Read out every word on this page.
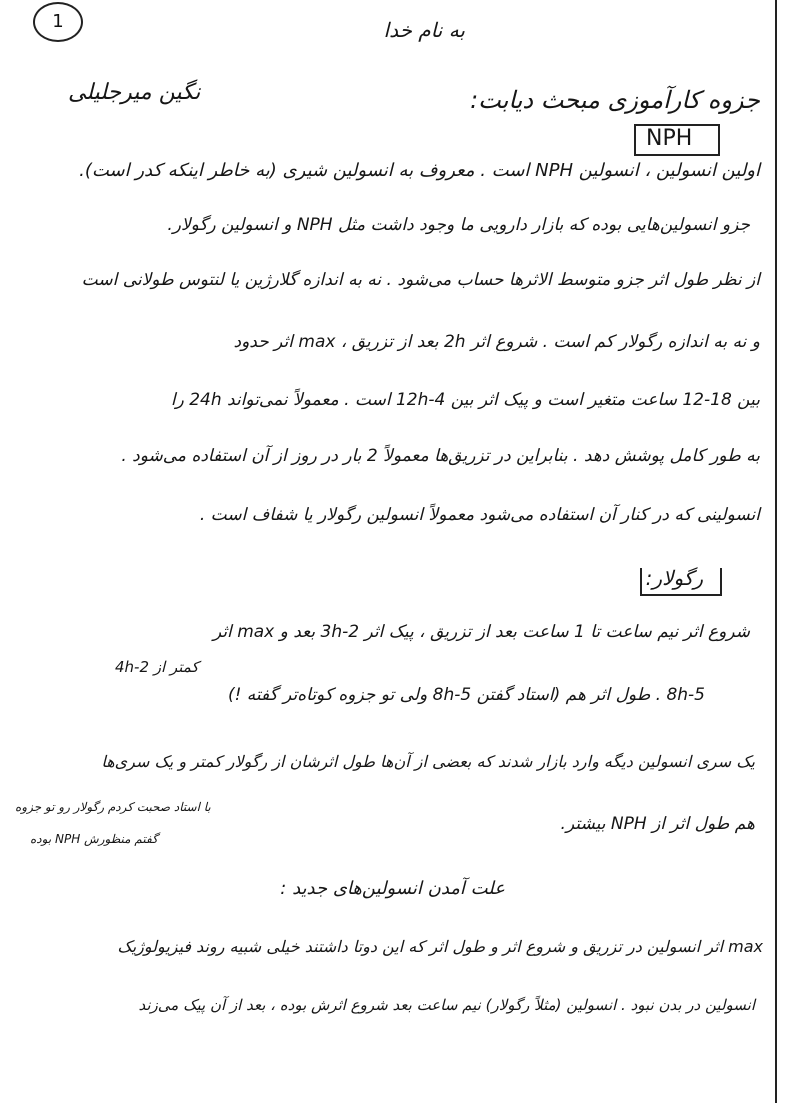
1	به نام خدا
نگین میرجلیلی	جزوه کارآموزی مبحث دیابت:
NPH
اولین انسولین ، انسولین NPH است . معروف به انسولین شیری (به خاطر اینکه کدر است).
جزو انسولین‌هایی بوده که بازار دارویی ما وجود داشت مثل NPH و انسولین رگولار.
از نظر طول اثر جزو متوسط الاثرها حساب می‌شود . نه به اندازه گلارژین یا لنتوس طولانی است
و نه به اندازه رگولار کم است . شروع اثر 2h بعد از تزریق ، max اثر حدود
بین 18-12 ساعت متغیر است و پیک اثر بین 12h-4 است . معمولاً نمی‌تواند 24h را
به طور کامل پوشش دهد . بنابراین در تزریق‌ها معمولاً 2 بار در روز از آن استفاده می‌شود .
انسولینی که در کنار آن استفاده می‌شود معمولاً انسولین رگولار یا شفاف است .
رگولار:
شروع اثر نیم ساعت تا 1 ساعت بعد از تزریق ، پیک اثر 3h-2 بعد و max اثر
کمتر از 4h-2
8h-5 . طول اثر هم (استاد گفتن 8h-5 ولی تو جزوه کوتاه‌تر گفته !)
یک سری انسولین دیگه وارد بازار شدند که بعضی از آن‌ها طول اثرشان از رگولار کمتر و یک سری‌ها
هم طول اثر از NPH بیشتر.
با استاد صحبت کردم رگولار رو تو جزوه
گفتم منظورش NPH بوده
علت آمدن انسولین‌های جدید :
max اثر انسولین در تزریق و شروع اثر و طول اثر که این دوتا داشتند خیلی شبیه روند فیزیولوژیک
انسولین در بدن نبود . انسولین (مثلاً رگولار) نیم ساعت بعد شروع اثرش بوده ، بعد از آن پیک می‌زند
